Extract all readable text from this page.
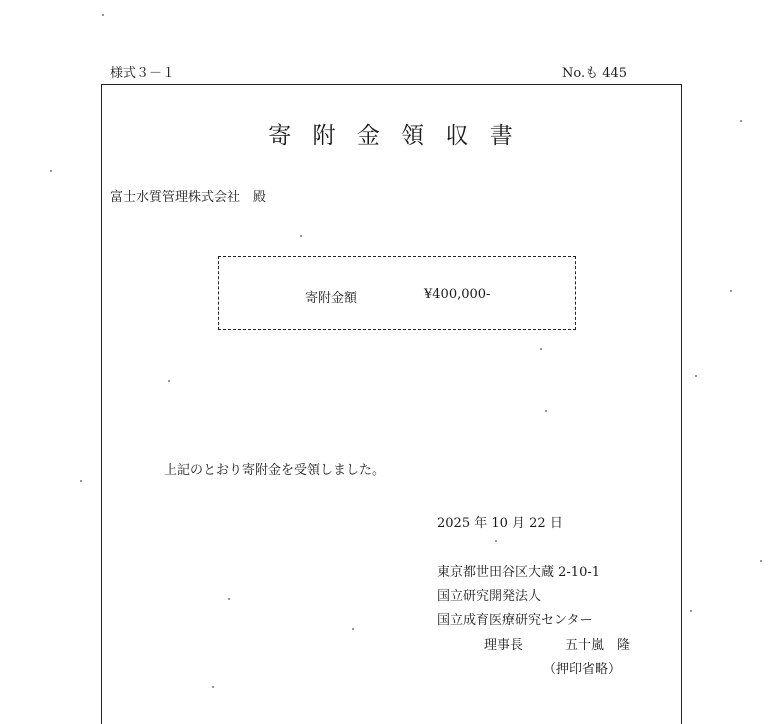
様式３－１	No.も 445
寄 附 金 領 収 書
富士水質管理株式会社　殿
寄附金額	¥400,000-
上記のとおり寄附金を受領しました。
2025 年 10 月 22 日
東京都世田谷区大蔵 2-10-1
国立研究開発法人
国立成育医療研究センター
理事長	五十嵐　隆
（押印省略）
